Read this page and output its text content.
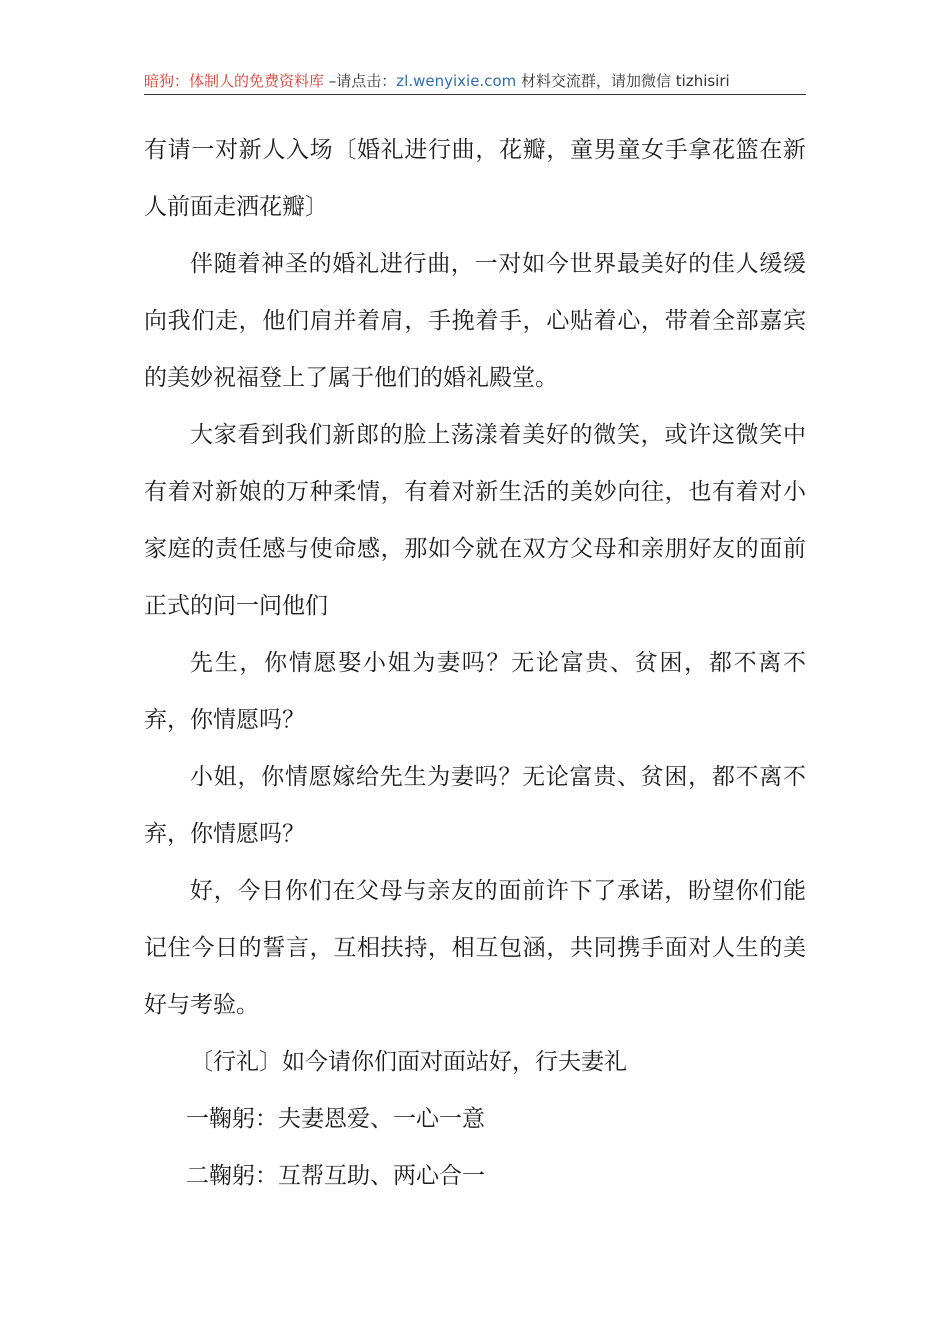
暗狗：体制人的免费资料库 –请点击：zl.wenyixie.com 材料交流群，请加微信 tizhisiri

有请一对新人入场〔婚礼进行曲，花瓣，童男童女手拿花篮在新人前面走洒花瓣〕

伴随着神圣的婚礼进行曲，一对如今世界最美好的佳人缓缓向我们走，他们肩并着肩，手挽着手，心贴着心，带着全部嘉宾的美妙祝福登上了属于他们的婚礼殿堂。

大家看到我们新郎的脸上荡漾着美好的微笑，或许这微笑中有着对新娘的万种柔情，有着对新生活的美妙向往，也有着对小家庭的责任感与使命感，那如今就在双方父母和亲朋好友的面前正式的问一问他们

先生，你情愿娶小姐为妻吗？无论富贵、贫困，都不离不弃，你情愿吗？

小姐，你情愿嫁给先生为妻吗？无论富贵、贫困，都不离不弃，你情愿吗？

好，今日你们在父母与亲友的面前许下了承诺，盼望你们能记住今日的誓言，互相扶持，相互包涵，共同携手面对人生的美好与考验。

〔行礼〕如今请你们面对面站好，行夫妻礼

一鞠躬：夫妻恩爱、一心一意

二鞠躬：互帮互助、两心合一
